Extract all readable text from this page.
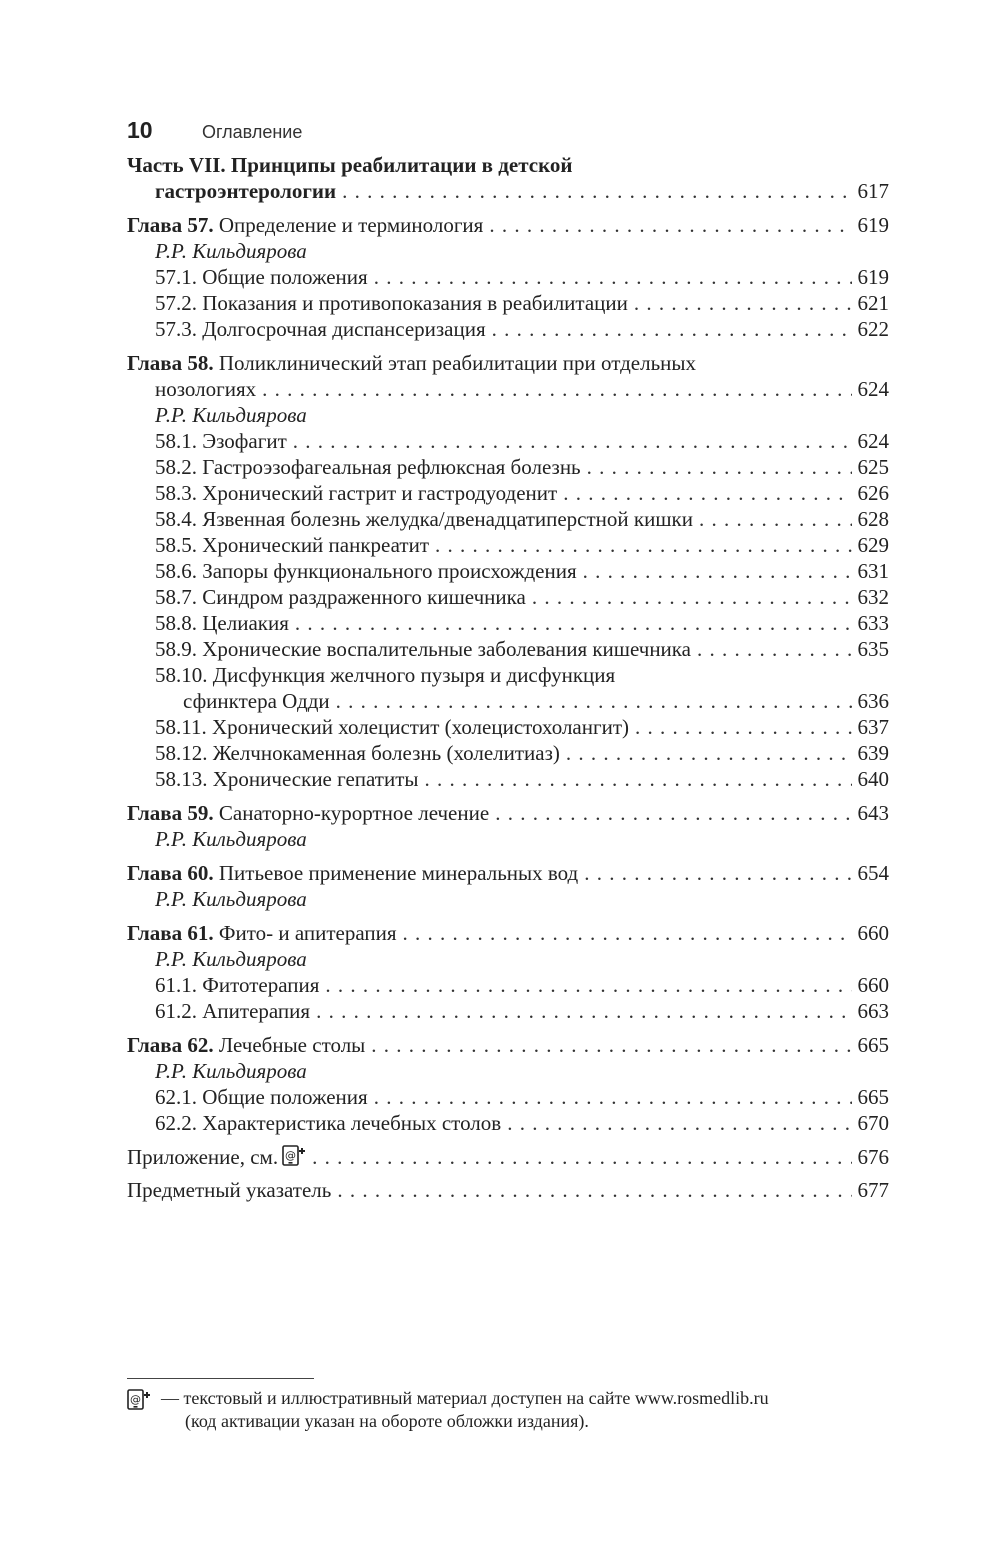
10	Оглавление
Часть VII. Принципы реабилитации в детской
гастроэнтерологии . . .	617
Глава 57. Определение и терминология . . .	619
Р.Р. Кильдиярова
57.1. Общие положения . . .	619
57.2. Показания и противопоказания в реабилитации . . .	621
57.3. Долгосрочная диспансеризация . . .	622
Глава 58. Поликлинический этап реабилитации при отдельных
нозологиях . . .	624
Р.Р. Кильдиярова
58.1. Эзофагит . . .	624
58.2. Гастроэзофагеальная рефлюксная болезнь . . .	625
58.3. Хронический гастрит и гастродуоденит . . .	626
58.4. Язвенная болезнь желудка/двенадцатиперстной кишки . . .	628
58.5. Хронический панкреатит . . .	629
58.6. Запоры функционального происхождения . . .	631
58.7. Синдром раздраженного кишечника . . .	632
58.8. Целиакия . . .	633
58.9. Хронические воспалительные заболевания кишечника . . .	635
58.10. Дисфункция желчного пузыря и дисфункция
сфинктера Одди . . .	636
58.11. Хронический холецистит (холецистохолангит) . . .	637
58.12. Желчнокаменная болезнь (холелитиаз) . . .	639
58.13. Хронические гепатиты . . .	640
Глава 59. Санаторно-курортное лечение . . .	643
Р.Р. Кильдиярова
Глава 60. Питьевое применение минеральных вод . . .	654
Р.Р. Кильдиярова
Глава 61. Фито- и апитерапия . . .	660
Р.Р. Кильдиярова
61.1. Фитотерапия . . .	660
61.2. Апитерапия . . .	663
Глава 62. Лечебные столы . . .	665
Р.Р. Кильдиярова
62.1. Общие положения . . .	665
62.2. Характеристика лечебных столов . . .	670
Приложение, см. @ . . .	676
Предметный указатель . . .	677
@	— текстовый и иллюстративный материал доступен на сайте www.rosmedlib.ru
(код активации указан на обороте обложки издания).
